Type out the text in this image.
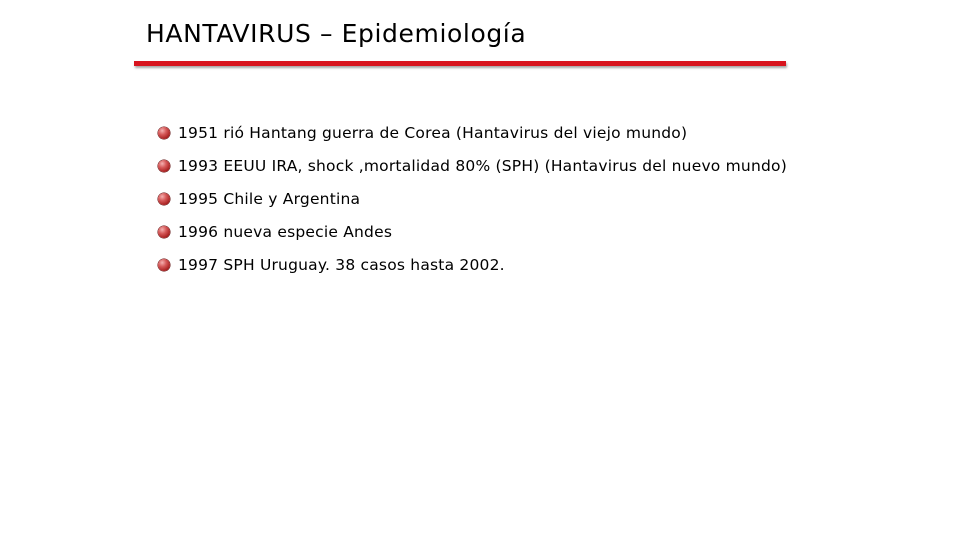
HANTAVIRUS – Epidemiología
1951 rió Hantang guerra de Corea (Hantavirus del viejo mundo)
1993 EEUU IRA, shock ,mortalidad 80% (SPH) (Hantavirus del nuevo mundo)
1995 Chile y Argentina
1996 nueva especie Andes
1997 SPH Uruguay. 38 casos hasta 2002.
